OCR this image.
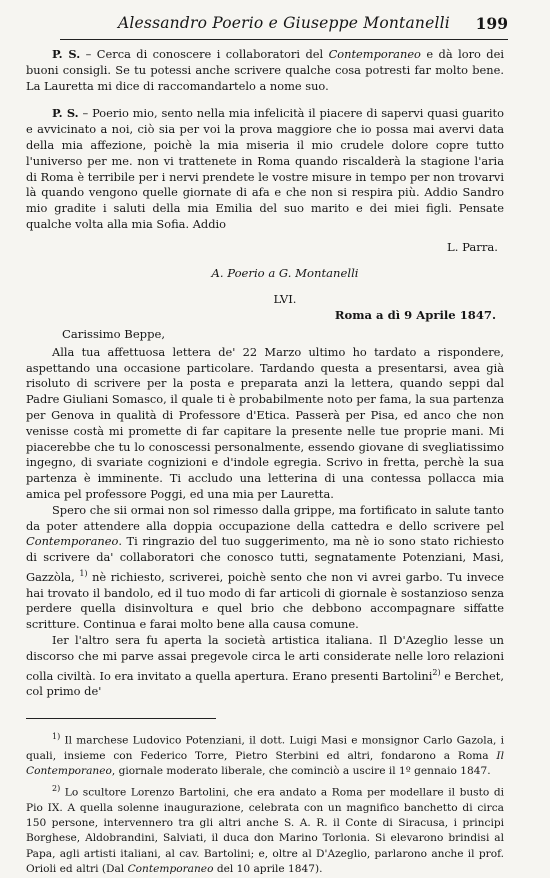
Alessandro Poerio e Giuseppe Montanelli 199

P. S. – Cerca di conoscere i collaboratori del Contemporaneo e dà loro dei buoni consigli. Se tu potessi anche scrivere qualche cosa potresti far molto bene. La Lauretta mi dice di raccomandartelo a nome suo.

P. S. – Poerio mio, sento nella mia infelicità il piacere di sapervi quasi guarito e avvicinato a noi, ciò sia per voi la prova maggiore che io possa mai avervi data della mia affezione, poichè la mia miseria il mio crudele dolore copre tutto l'universo per me. non vi trattenete in Roma quando riscalderà la stagione l'aria di Roma è terribile per i nervi prendete le vostre misure in tempo per non trovarvi là quando vengono quelle giornate di afa e che non si respira più. Addio Sandro mio gradite i saluti della mia Emilia del suo marito e dei miei figli. Pensate qualche volta alla mia Sofia. Addio

L. Parra.
A. Poerio a G. Montanelli
LVI.
Roma a dì 9 Aprile 1847.
Carissimo Beppe,

Alla tua affettuosa lettera de' 22 Marzo ultimo ho tardato a rispondere, aspettando una occasione particolare. Tardando questa a presentarsi, avea già risoluto di scrivere per la posta e preparata anzi la lettera, quando seppi dal Padre Giuliani Somasco, il quale ti è probabilmente noto per fama, la sua partenza per Genova in qualità di Professore d'Etica. Passerà per Pisa, ed anco che non venisse costà mi promette di far capitare la presente nelle tue proprie mani. Mi piacerebbe che tu lo conoscessi personalmente, essendo giovane di svegliatissimo ingegno, di svariate cognizioni e d'indole egregia. Scrivo in fretta, perchè la sua partenza è imminente. Ti accludo una letterina di una contessa pollacca mia amica pel professore Poggi, ed una mia per Lauretta.

Spero che sii ormai non sol rimesso dalla grippe, ma fortificato in salute tanto da poter attendere alla doppia occupazione della cattedra e dello scrivere pel Contemporaneo. Ti ringrazio del tuo suggerimento, ma nè io sono stato richiesto di scrivere da' collaboratori che conosco tutti, segnatamente Potenziani, Masi, Gazzòla, $^{1)}$ nè richiesto, scriverei, poichè sento che non vi avrei garbo. Tu invece hai trovato il bandolo, ed il tuo modo di far articoli di giornale è sostanzioso senza perdere quella disinvoltura e quel brio che debbono accompagnare siffatte scritture. Continua e farai molto bene alla causa comune.

Ier l'altro sera fu aperta la società artistica italiana. Il D'Azeglio lesse un discorso che mi parve assai pregevole circa le arti considerate nelle loro relazioni colla civiltà. Io era invitato a quella apertura. Erano presenti Bartolini$^{2)}$ e Berchet, col primo de'

$^{1)}$ Il marchese Ludovico Potenziani, il dott. Luigi Masi e monsignor Carlo Gazola, i quali, insieme con Federico Torre, Pietro Sterbini ed altri, fondarono a Roma Il Contemporaneo, giornale moderato liberale, che cominciò a uscire il 1º gennaio 1847.

$^{2)}$ Lo scultore Lorenzo Bartolini, che era andato a Roma per modellare il busto di Pio IX. A quella solenne inaugurazione, celebrata con un magnifico banchetto di circa 150 persone, intervennero tra gli altri anche S. A. R. il Conte di Siracusa, i principi Borghese, Aldobrandini, Salviati, il duca don Marino Torlonia. Si elevarono brindisi al Papa, agli artisti italiani, al cav. Bartolini; e, oltre al D'Azeglio, parlarono anche il prof. Orioli ed altri (Dal Contemporaneo del 10 aprile 1847).
